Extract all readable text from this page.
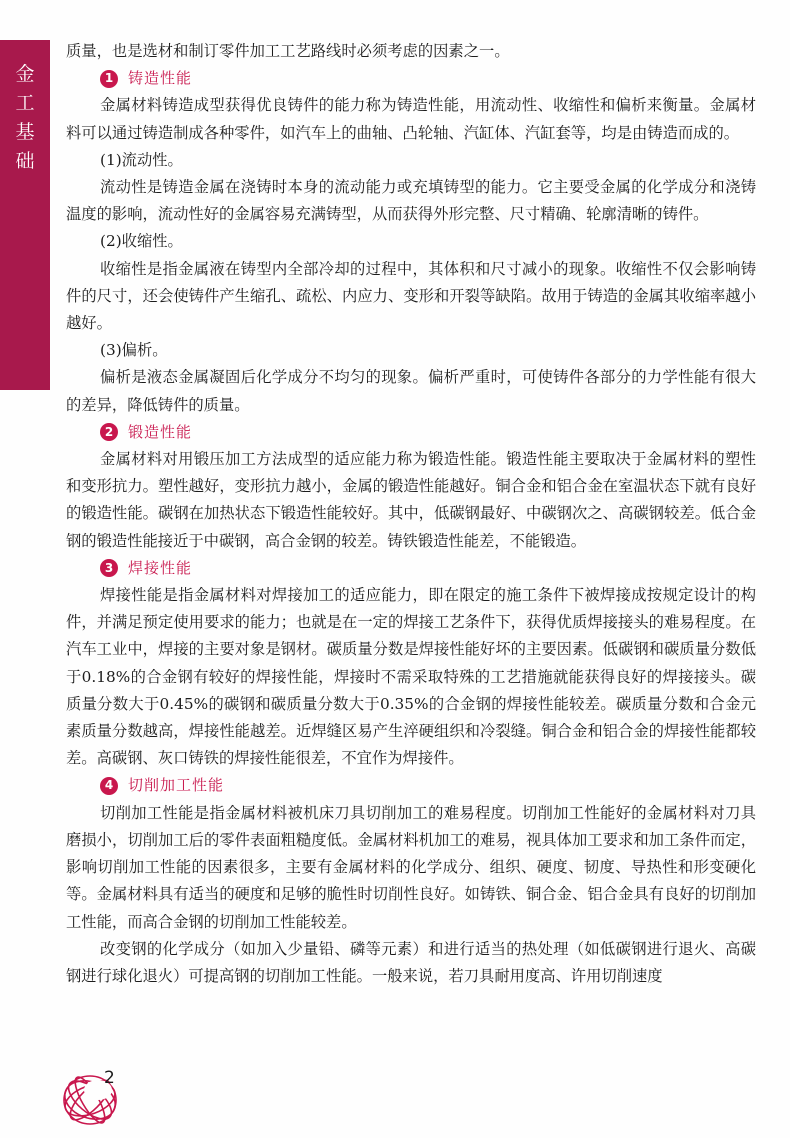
金
工
基
础

质量，也是选材和制订零件加工工艺路线时必须考虑的因素之一。

1 铸造性能

金属材料铸造成型获得优良铸件的能力称为铸造性能，用流动性、收缩性和偏析来衡量。金属材料可以通过铸造制成各种零件，如汽车上的曲轴、凸轮轴、汽缸体、汽缸套等，均是由铸造而成的。

(1)流动性。

流动性是铸造金属在浇铸时本身的流动能力或充填铸型的能力。它主要受金属的化学成分和浇铸温度的影响，流动性好的金属容易充满铸型，从而获得外形完整、尺寸精确、轮廓清晰的铸件。

(2)收缩性。

收缩性是指金属液在铸型内全部冷却的过程中，其体积和尺寸减小的现象。收缩性不仅会影响铸件的尺寸，还会使铸件产生缩孔、疏松、内应力、变形和开裂等缺陷。故用于铸造的金属其收缩率越小越好。

(3)偏析。

偏析是液态金属凝固后化学成分不均匀的现象。偏析严重时，可使铸件各部分的力学性能有很大的差异，降低铸件的质量。

2 锻造性能

金属材料对用锻压加工方法成型的适应能力称为锻造性能。锻造性能主要取决于金属材料的塑性和变形抗力。塑性越好，变形抗力越小，金属的锻造性能越好。铜合金和铝合金在室温状态下就有良好的锻造性能。碳钢在加热状态下锻造性能较好。其中，低碳钢最好、中碳钢次之、高碳钢较差。低合金钢的锻造性能接近于中碳钢，高合金钢的较差。铸铁锻造性能差，不能锻造。

3 焊接性能

焊接性能是指金属材料对焊接加工的适应能力，即在限定的施工条件下被焊接成按规定设计的构件，并满足预定使用要求的能力；也就是在一定的焊接工艺条件下，获得优质焊接接头的难易程度。在汽车工业中，焊接的主要对象是钢材。碳质量分数是焊接性能好坏的主要因素。低碳钢和碳质量分数低于0.18%的合金钢有较好的焊接性能，焊接时不需采取特殊的工艺措施就能获得良好的焊接接头。碳质量分数大于0.45%的碳钢和碳质量分数大于0.35%的合金钢的焊接性能较差。碳质量分数和合金元素质量分数越高，焊接性能越差。近焊缝区易产生淬硬组织和冷裂缝。铜合金和铝合金的焊接性能都较差。高碳钢、灰口铸铁的焊接性能很差，不宜作为焊接件。

4 切削加工性能

切削加工性能是指金属材料被机床刀具切削加工的难易程度。切削加工性能好的金属材料对刀具磨损小，切削加工后的零件表面粗糙度低。金属材料机加工的难易，视具体加工要求和加工条件而定，影响切削加工性能的因素很多，主要有金属材料的化学成分、组织、硬度、韧度、导热性和形变硬化等。金属材料具有适当的硬度和足够的脆性时切削性良好。如铸铁、铜合金、铝合金具有良好的切削加工性能，而高合金钢的切削加工性能较差。

改变钢的化学成分（如加入少量铅、磷等元素）和进行适当的热处理（如低碳钢进行退火、高碳钢进行球化退火）可提高钢的切削加工性能。一般来说，若刀具耐用度高、许用切削速度

2
